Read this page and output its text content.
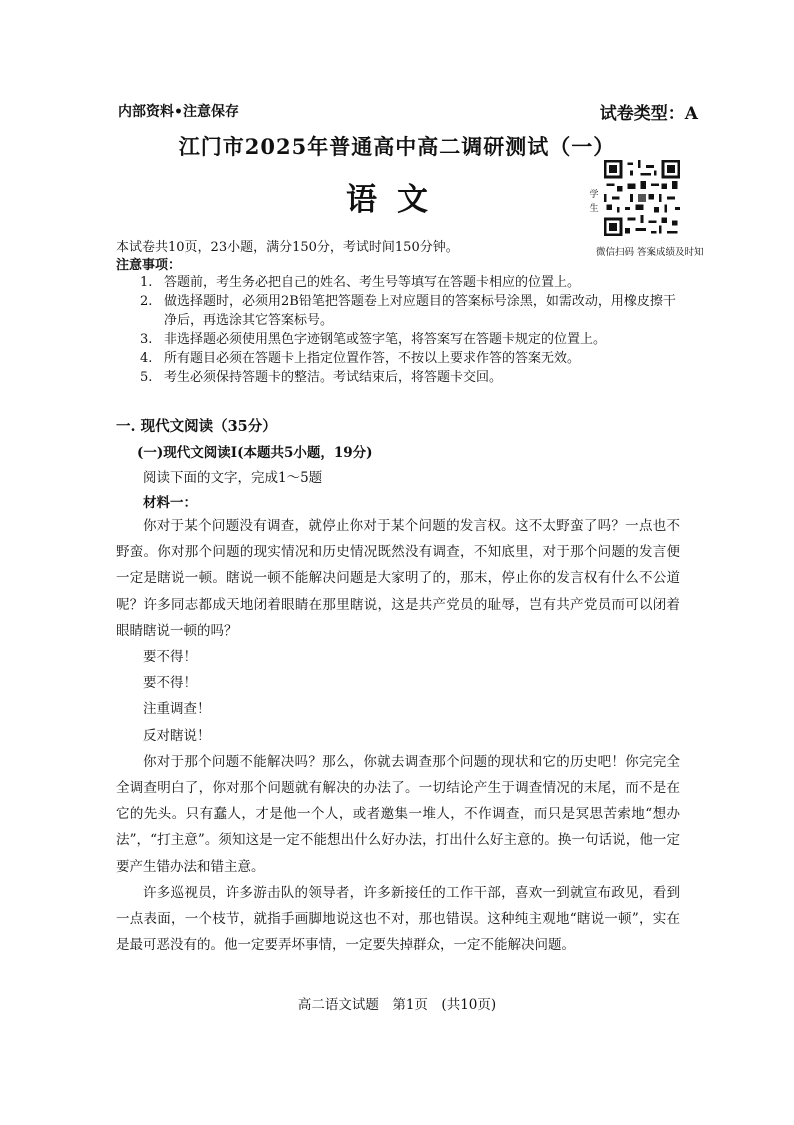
内部资料•注意保存	试卷类型：A
江门市2025年普通高中高二调研测试（一）
语文	学生
微信扫码 答案成绩及时知
本试卷共10页，23小题，满分150分，考试时间150分钟。
注意事项：
1. 答题前，考生务必把自己的姓名、考生号等填写在答题卡相应的位置上。
2. 做选择题时，必须用2B铅笔把答题卷上对应题目的答案标号涂黑，如需改动，用橡皮擦干净后，再选涂其它答案标号。
3. 非选择题必须使用黑色字迹钢笔或签字笔，将答案写在答题卡规定的位置上。
4. 所有题目必须在答题卡上指定位置作答，不按以上要求作答的答案无效。
5. 考生必须保持答题卡的整洁。考试结束后，将答题卡交回。
一. 现代文阅读（35分）
(一)现代文阅读Ⅰ(本题共5小题，19分)
阅读下面的文字，完成1～5题
材料一：

你对于某个问题没有调查，就停止你对于某个问题的发言权。这不太野蛮了吗？一点也不野蛮。你对那个问题的现实情况和历史情况既然没有调查，不知底里，对于那个问题的发言便一定是瞎说一顿。瞎说一顿不能解决问题是大家明了的，那末，停止你的发言权有什么不公道呢？许多同志都成天地闭着眼睛在那里瞎说，这是共产党员的耻辱，岂有共产党员而可以闭着眼睛瞎说一顿的吗？

要不得！

要不得！

注重调查！

反对瞎说！

你对于那个问题不能解决吗？那么，你就去调查那个问题的现状和它的历史吧！你完完全全调查明白了，你对那个问题就有解决的办法了。一切结论产生于调查情况的末尾，而不是在它的先头。只有蠢人，才是他一个人，或者邀集一堆人，不作调查，而只是冥思苦索地“想办法”，“打主意”。须知这是一定不能想出什么好办法，打出什么好主意的。换一句话说，他一定要产生错办法和错主意。

许多巡视员，许多游击队的领导者，许多新接任的工作干部，喜欢一到就宣布政见，看到一点表面，一个枝节，就指手画脚地说这也不对，那也错误。这种纯主观地“瞎说一顿”，实在是最可恶没有的。他一定要弄坏事情，一定要失掉群众，一定不能解决问题。

高二语文试题　第1页　(共10页)
